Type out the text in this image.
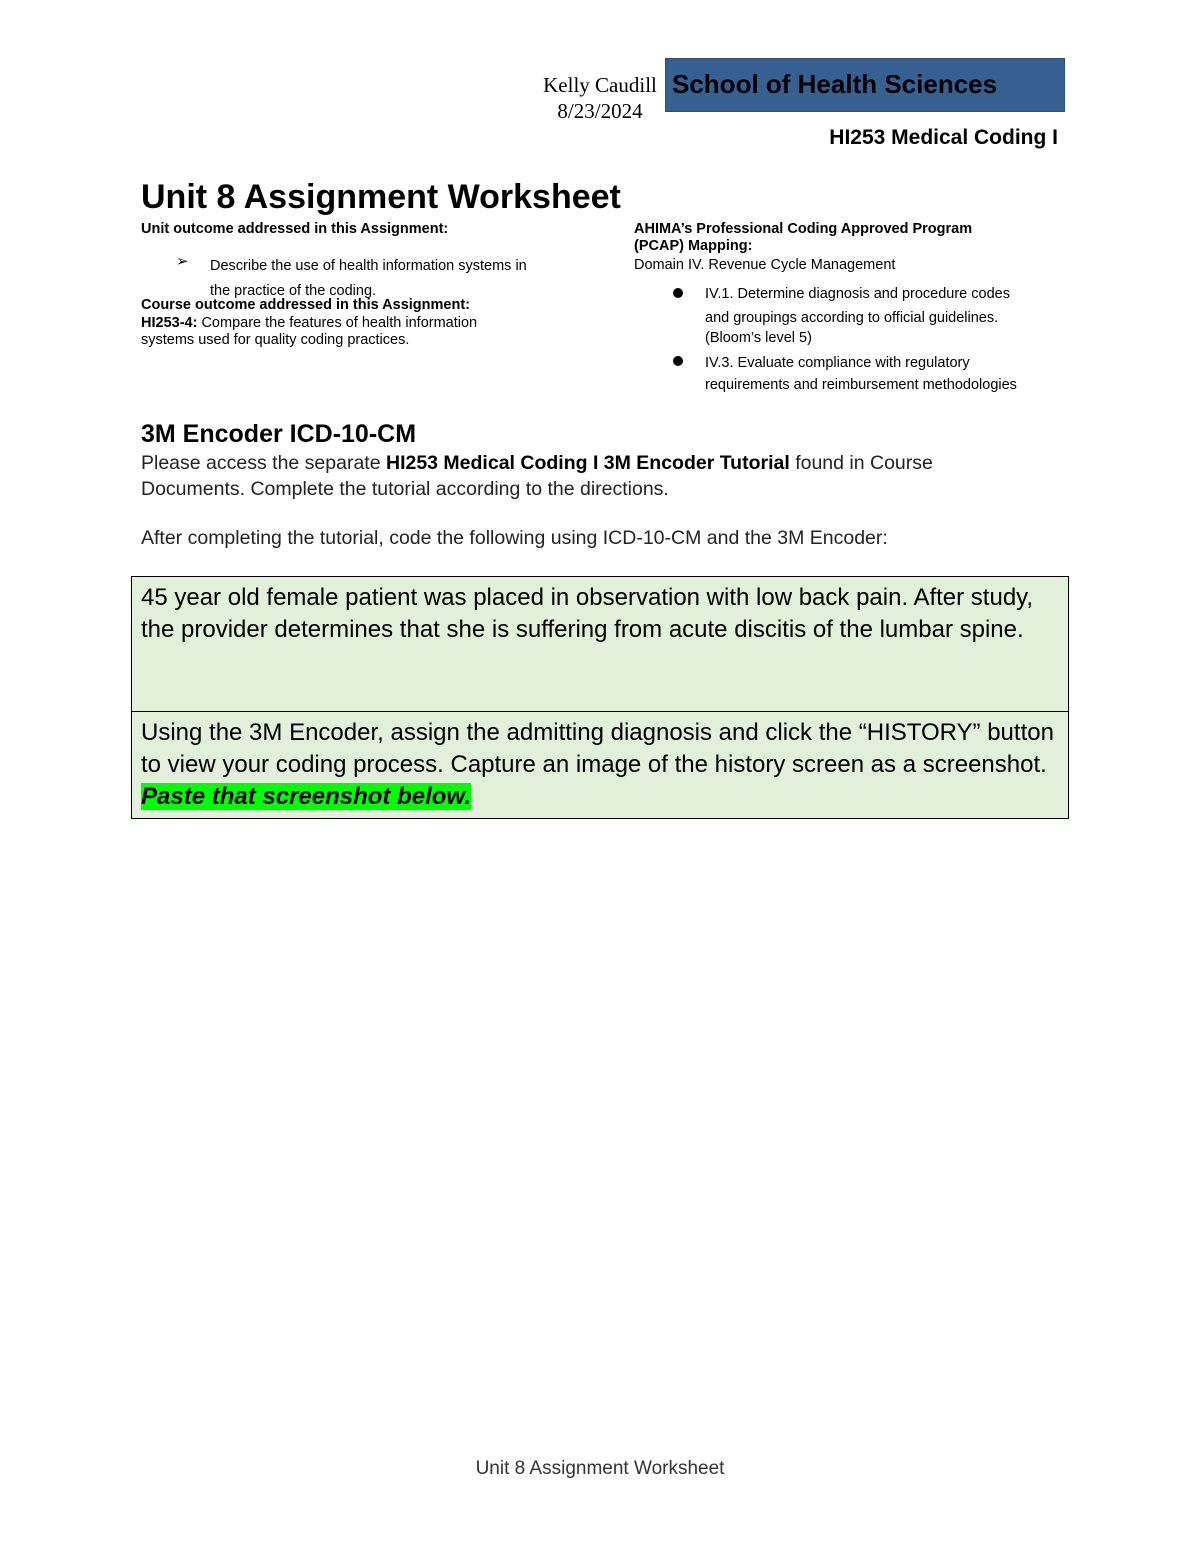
Kelly Caudill
8/23/2024
School of Health Sciences
HI253 Medical Coding I
Unit 8 Assignment Worksheet
Unit outcome addressed in this Assignment:
➢ Describe the use of health information systems in
the practice of the coding.
Course outcome addressed in this Assignment:
HI253-4: Compare the features of health information
systems used for quality coding practices.
AHIMA’s Professional Coding Approved Program
(PCAP) Mapping:
Domain IV. Revenue Cycle Management
IV.1. Determine diagnosis and procedure codes
and groupings according to official guidelines.
(Bloom’s level 5)
IV.3. Evaluate compliance with regulatory
requirements and reimbursement methodologies
3M Encoder ICD-10-CM
Please access the separate HI253 Medical Coding I 3M Encoder Tutorial found in Course
Documents. Complete the tutorial according to the directions.
After completing the tutorial, code the following using ICD-10-CM and the 3M Encoder:
45 year old female patient was placed in observation with low back pain. After study, the provider determines that she is suffering from acute discitis of the lumbar spine.
Using the 3M Encoder, assign the admitting diagnosis and click the “HISTORY” button to view your coding process. Capture an image of the history screen as a screenshot. Paste that screenshot below.
Unit 8 Assignment Worksheet
